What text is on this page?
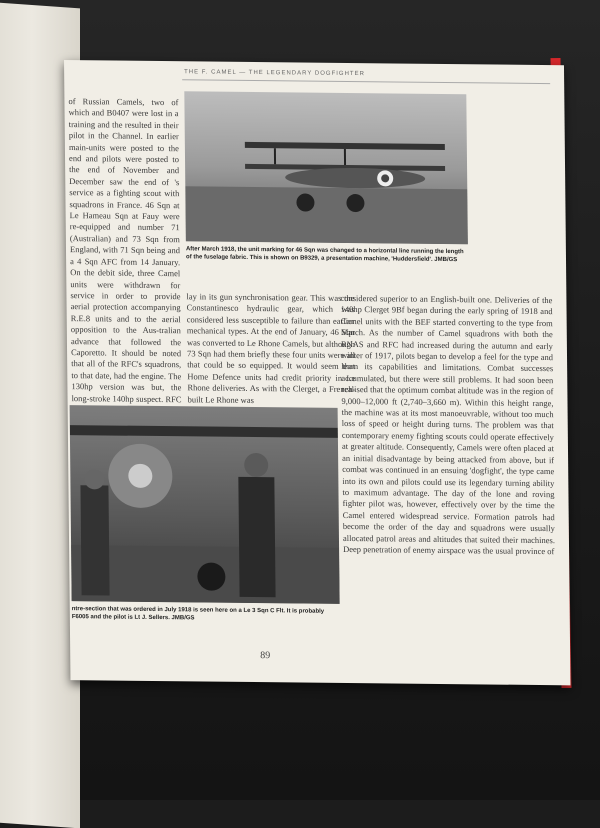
THE F. CAMEL — THE LEGENDARY DOGFIGHTER
of Russian Camels, two of which and B0407 were lost in a training and the resulted in their pilot in the Channel. In earlier main-units were posted to the end and pilots were posted to the end of November and December saw the end of 's service as a fighting scout with squadrons in France. 46 Sqn at Le Hameau Sqn at Fauy were re-equipped and number 71 (Australian) and 73 Sqn from England, with 71 Sqn being and a 4 Sqn AFC from 14 January. On the debit side, three Camel units were withdrawn for service in order to provide aerial protection accompanying R.E.8 units and to the aerial opposition to the Aus-tralian advance that followed the Caporetto. It should be noted that all of the RFC's squadrons, to that date, had the engine. The 130hp version was but, the long-stroke 140hp suspect. RFC
After March 1918, the unit marking for 46 Sqn was changed to a horizontal line running the length of the fuselage fabric. This is shown on B9329, a presentation machine, 'Huddersfield'. JMB/GS
lay in its gun synchronisation gear. This was the Constantinesco hydraulic gear, which was considered less susceptible to failure than earlier mechanical types. At the end of January, 46 Sqn was converted to Le Rhone Camels, but although 73 Sqn had them briefly these four units were all that could be so equipped. It would seem that Home Defence units had credit priority in Le Rhone deliveries. As with the Clerget, a French-built Le Rhone was
considered superior to an English-built one. Deliveries of the 140hp Clerget 9Bf began during the early spring of 1918 and Camel units with the BEF started converting to the type from March. As the number of Camel squadrons with both the RNAS and RFC had increased during the autumn and early winter of 1917, pilots began to develop a feel for the type and learn its capabilities and limitations. Combat successes accumulated, but there were still problems. It had soon been realised that the optimum combat altitude was in the region of 9,000–12,000 ft (2,740–3,660 m). Within this height range, the machine was at its most manoeuvrable, without too much loss of speed or height during turns. The problem was that contemporary enemy fighting scouts could operate effectively at greater altitude. Consequently, Camels were often placed at an initial disadvantage by being attacked from above, but if combat was continued in an ensuing 'dogfight', the type came into its own and pilots could use its legendary turning ability to maximum advantage. The day of the lone and roving fighter pilot was, however, effectively over by the time the Camel entered widespread service. Formation patrols had become the order of the day and squadrons were usually allocated patrol areas and altitudes that suited their machines. Deep penetration of enemy airspace was the usual province of
ntre-section that was ordered in July 1918 is seen here on a Le 3 Sqn C Flt. It is probably F6005 and the pilot is Lt J. Sellers. JMB/GS
89
